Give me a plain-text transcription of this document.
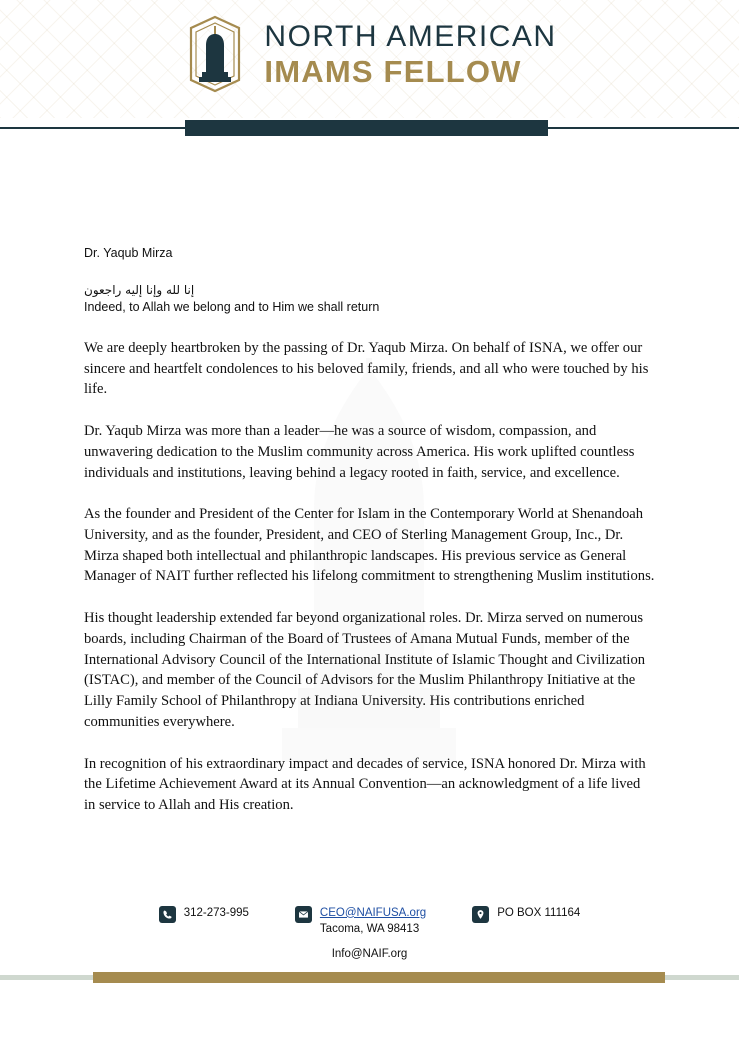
NORTH AMERICAN
IMAMS FELLOW
Dr. Yaqub Mirza
إنا لله وإنا إليه راجعون
Indeed, to Allah we belong and to Him we shall return

We are deeply heartbroken by the passing of Dr. Yaqub Mirza. On behalf of ISNA, we offer our sincere and heartfelt condolences to his beloved family, friends, and all who were touched by his life.

Dr. Yaqub Mirza was more than a leader—he was a source of wisdom, compassion, and unwavering dedication to the Muslim community across America. His work uplifted countless individuals and institutions, leaving behind a legacy rooted in faith, service, and excellence.

As the founder and President of the Center for Islam in the Contemporary World at Shenandoah University, and as the founder, President, and CEO of Sterling Management Group, Inc., Dr. Mirza shaped both intellectual and philanthropic landscapes. His previous service as General Manager of NAIT further reflected his lifelong commitment to strengthening Muslim institutions.

His thought leadership extended far beyond organizational roles. Dr. Mirza served on numerous boards, including Chairman of the Board of Trustees of Amana Mutual Funds, member of the International Advisory Council of the International Institute of Islamic Thought and Civilization (ISTAC), and member of the Council of Advisors for the Muslim Philanthropy Initiative at the Lilly Family School of Philanthropy at Indiana University. His contributions enriched communities everywhere.

In recognition of his extraordinary impact and decades of service, ISNA honored Dr. Mirza with the Lifetime Achievement Award at its Annual Convention—an acknowledgment of a life lived in service to Allah and His creation.

312-273-995	CEO@NAIFUSA.org
Tacoma, WA 98413
PO BOX 111164
Info@NAIF.org
